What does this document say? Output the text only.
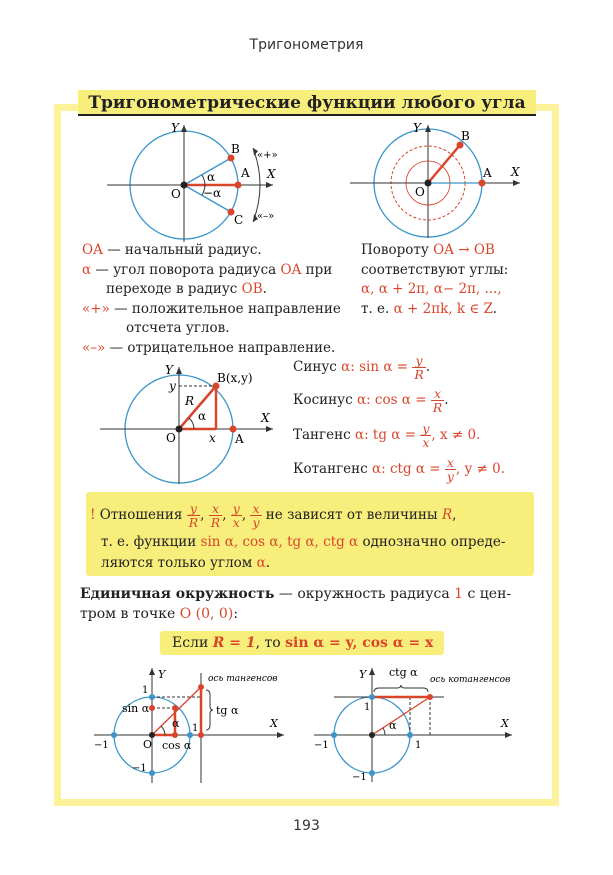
Тригонометрия
Тригонометрические функции любого угла
Y
X
O
A
B
C
α
−α
«+»
«–»
Y
X
O
A
B
OA — начальный радиус.
α — угол поворота радиуса OA при
переходе в радиус OB.
«+» — положительное направление
отсчета углов.
«–» — отрицательное направление.
Повороту OA → OB
соответствуют углы:
α, α + 2π, α− 2π, ...,
т. е. α + 2πk, k ∈ Z.
Y
X
O	A
B(x,y)
R
α
y
x
Синус α: $\sin \alpha = \frac{y}{R}$ .
Косинус α: $\cos \alpha = \frac{x}{R}$ .
Тангенс α: tg $\alpha = \frac{y}{x}$ , x ≠ 0.
Котангенс α: ctg $\alpha = \frac{x}{y}$ , y ≠ 0.
! Отношения $\frac{y}{R}$ , $\frac{x}{R}$ , $\frac{y}{x}$ , $\frac{x}{y}$ не зависят от величины R,
т. е. функции sin α, cos α, tg α, ctg α однозначно опреде-
ляются только углом α.
Единичная окружность — окружность радиуса 1 с цен-
тром в точке O (0, 0):
Если R = 1, то sin α = y, cos α = x
Y
X
O
1
1
−1
−1
sin α
cos α
tg α
α
ось тангенсов	Y
X
1
1
−1
−1
ctg α
α
ось котангенсов
193
